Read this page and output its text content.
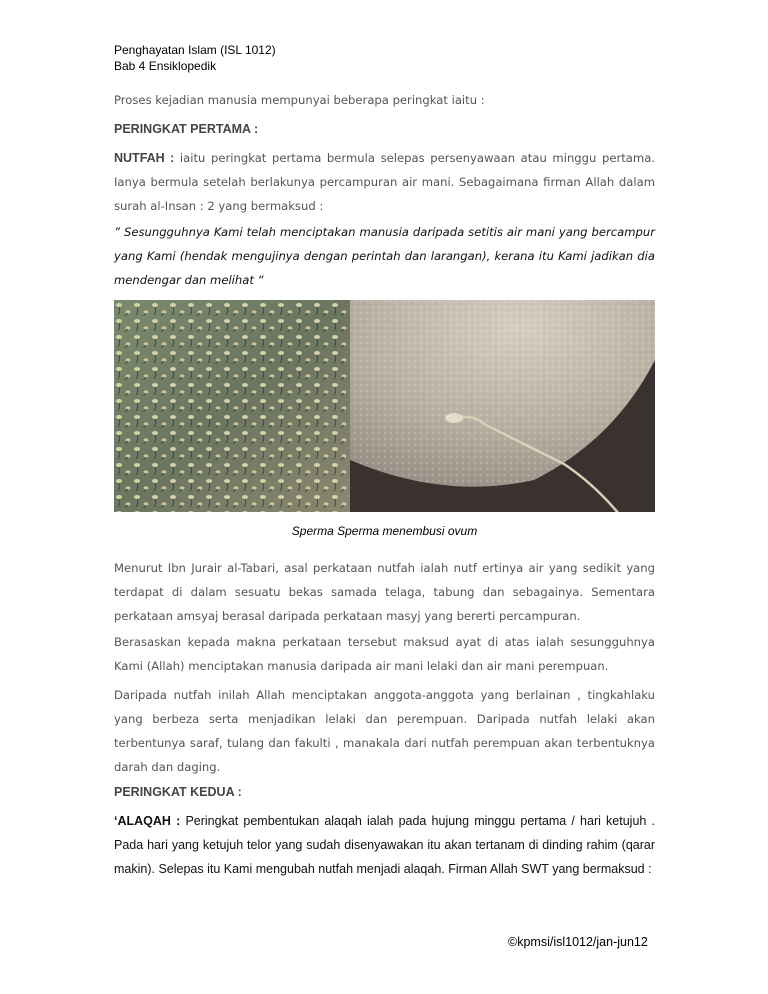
Penghayatan Islam (ISL 1012)
Bab 4 Ensiklopedik
Proses kejadian manusia mempunyai beberapa peringkat iaitu :
PERINGKAT PERTAMA :
NUTFAH : iaitu peringkat pertama bermula selepas persenyawaan atau minggu pertama. Ianya bermula setelah berlakunya percampuran air mani. Sebagaimana firman Allah dalam surah al-Insan : 2 yang bermaksud :
” Sesungguhnya Kami telah menciptakan manusia daripada setitis air mani yang bercampur yang Kami (hendak mengujinya dengan perintah dan larangan), kerana itu Kami jadikan dia mendengar dan melihat “
Sperma Sperma menembusi ovum
Menurut Ibn Jurair al-Tabari, asal perkataan nutfah ialah nutf ertinya air yang sedikit yang terdapat di dalam sesuatu bekas samada telaga, tabung dan sebagainya. Sementara perkataan amsyaj berasal daripada perkataan masyj yang bererti percampuran.
Berasaskan kepada makna perkataan tersebut maksud ayat di atas ialah sesungguhnya Kami (Allah) menciptakan manusia daripada air mani lelaki dan air mani perempuan.
Daripada nutfah inilah Allah menciptakan anggota-anggota yang berlainan , tingkahlaku yang berbeza serta menjadikan lelaki dan perempuan. Daripada nutfah lelaki akan terbentunya saraf, tulang dan fakulti , manakala dari nutfah perempuan akan terbentuknya darah dan daging.
PERINGKAT KEDUA :
‘ALAQAH : Peringkat pembentukan alaqah ialah pada hujung minggu pertama / hari ketujuh . Pada hari yang ketujuh telor yang sudah disenyawakan itu akan tertanam di dinding rahim (qarar makin). Selepas itu Kami mengubah nutfah menjadi alaqah. Firman Allah SWT yang bermaksud :
©kpmsi/isl1012/jan-jun12
